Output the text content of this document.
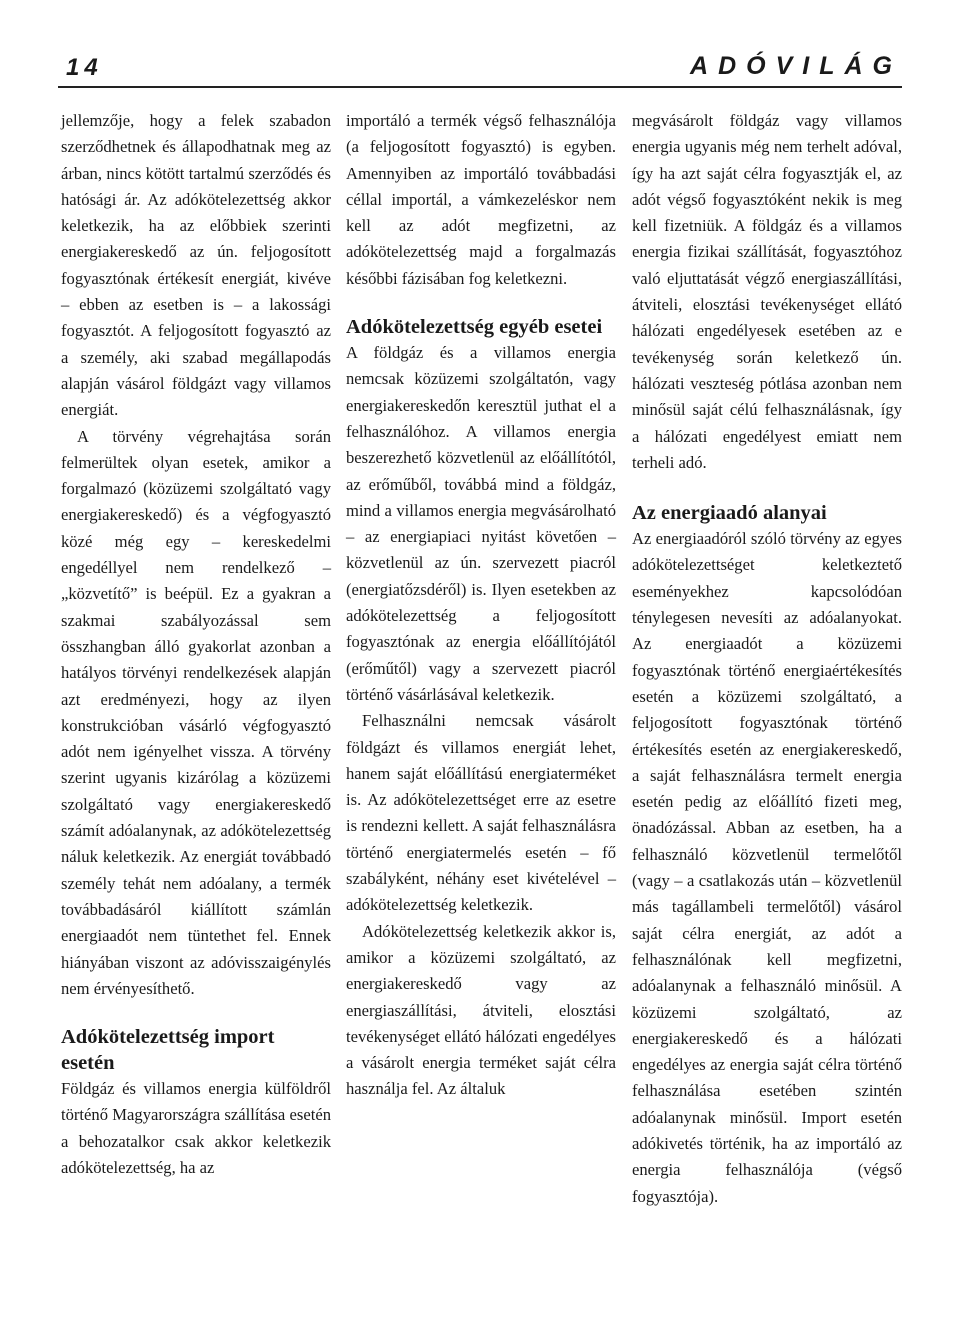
14	ADÓVILÁG

jellemzője, hogy a felek szabadon szerződhetnek és állapodhatnak meg az árban, nincs kötött tartalmú szerződés és hatósági ár. Az adókötelezettség akkor keletkezik, ha az előbbiek szerinti energiakereskedő az ún. feljogosított fogyasztónak értékesít energiát, kivéve – ebben az esetben is – a lakossági fogyasztót. A feljogosított fogyasztó az a személy, aki szabad megállapodás alapján vásárol földgázt vagy villamos energiát.

A törvény végrehajtása során felmerültek olyan esetek, amikor a forgalmazó (közüzemi szolgáltató vagy energiakereskedő) és a végfogyasztó közé még egy – kereskedelmi engedéllyel nem rendelkező – „közvetítő” is beépül. Ez a gyakran a szakmai szabályozással sem összhangban álló gyakorlat azonban a hatályos törvényi rendelkezések alapján azt eredményezi, hogy az ilyen konstrukcióban vásárló végfogyasztó adót nem igényelhet vissza. A törvény szerint ugyanis kizárólag a közüzemi szolgáltató vagy energiakereskedő számít adóalanynak, az adókötelezettség náluk keletkezik. Az energiát továbbadó személy tehát nem adóalany, a termék továbbadásáról kiállított számlán energiaadót nem tüntethet fel. Ennek hiányában viszont az adóvisszaigénylés nem érvényesíthető.

Adókötelezettség import esetén

Földgáz és villamos energia külföldről történő Magyarországra szállítása esetén a behozatalkor csak akkor keletkezik adókötelezettség, ha az

importáló a termék végső felhasználója (a feljogosított fogyasztó) is egyben. Amennyiben az importáló továbbadási céllal importál, a vámkezeléskor nem kell az adót megfizetni, az adókötelezettség majd a forgalmazás későbbi fázisában fog keletkezni.

Adókötelezettség egyéb esetei

A földgáz és a villamos energia nemcsak közüzemi szolgáltatón, vagy energiakereskedőn keresztül juthat el a felhasználóhoz. A villamos energia beszerezhető közvetlenül az előállítótól, az erőműből, továbbá mind a földgáz, mind a villamos energia megvásárolható – az energiapiaci nyitást követően – közvetlenül az ún. szervezett piacról (energiatőzsdéről) is. Ilyen esetekben az adókötelezettség a feljogosított fogyasztónak az energia előállítójától (erőműtől) vagy a szervezett piacról történő vásárlásával keletkezik.

Felhasználni nemcsak vásárolt földgázt és villamos energiát lehet, hanem saját előállítású energiaterméket is. Az adókötelezettséget erre az esetre is rendezni kellett. A saját felhasználásra történő energiatermelés esetén – fő szabályként, néhány eset kivételével – adókötelezettség keletkezik.

Adókötelezettség keletkezik akkor is, amikor a közüzemi szolgáltató, az energiakereskedő vagy az energiaszállítási, átviteli, elosztási tevékenységet ellátó hálózati engedélyes a vásárolt energia terméket saját célra használja fel. Az általuk

megvásárolt földgáz vagy villamos energia ugyanis még nem terhelt adóval, így ha azt saját célra fogyasztják el, az adót végső fogyasztóként nekik is meg kell fizetniük. A földgáz és a villamos energia fizikai szállítását, fogyasztóhoz való eljuttatását végző energiaszállítási, átviteli, elosztási tevékenységet ellátó hálózati engedélyesek esetében az e tevékenység során keletkező ún. hálózati veszteség pótlása azonban nem minősül saját célú felhasználásnak, így a hálózati engedélyest emiatt nem terheli adó.

Az energiaadó alanyai

Az energiaadóról szóló törvény az egyes adókötelezettséget keletkeztető eseményekhez kapcsolódóan ténylegesen nevesíti az adóalanyokat. Az energiaadót a közüzemi fogyasztónak történő energiaértékesítés esetén a közüzemi szolgáltató, a feljogosított fogyasztónak történő értékesítés esetén az energiakereskedő, a saját felhasználásra termelt energia esetén pedig az előállító fizeti meg, önadózással. Abban az esetben, ha a felhasználó közvetlenül termelőtől (vagy – a csatlakozás után – közvetlenül más tagállambeli termelőtől) vásárol saját célra energiát, az adót a felhasználónak kell megfizetni, adóalanynak a felhasználó minősül. A közüzemi szolgáltató, az energiakereskedő és a hálózati engedélyes az energia saját célra történő felhasználása esetében szintén adóalanynak minősül. Import esetén adókivetés történik, ha az importáló az energia felhasználója (végső fogyasztója).
